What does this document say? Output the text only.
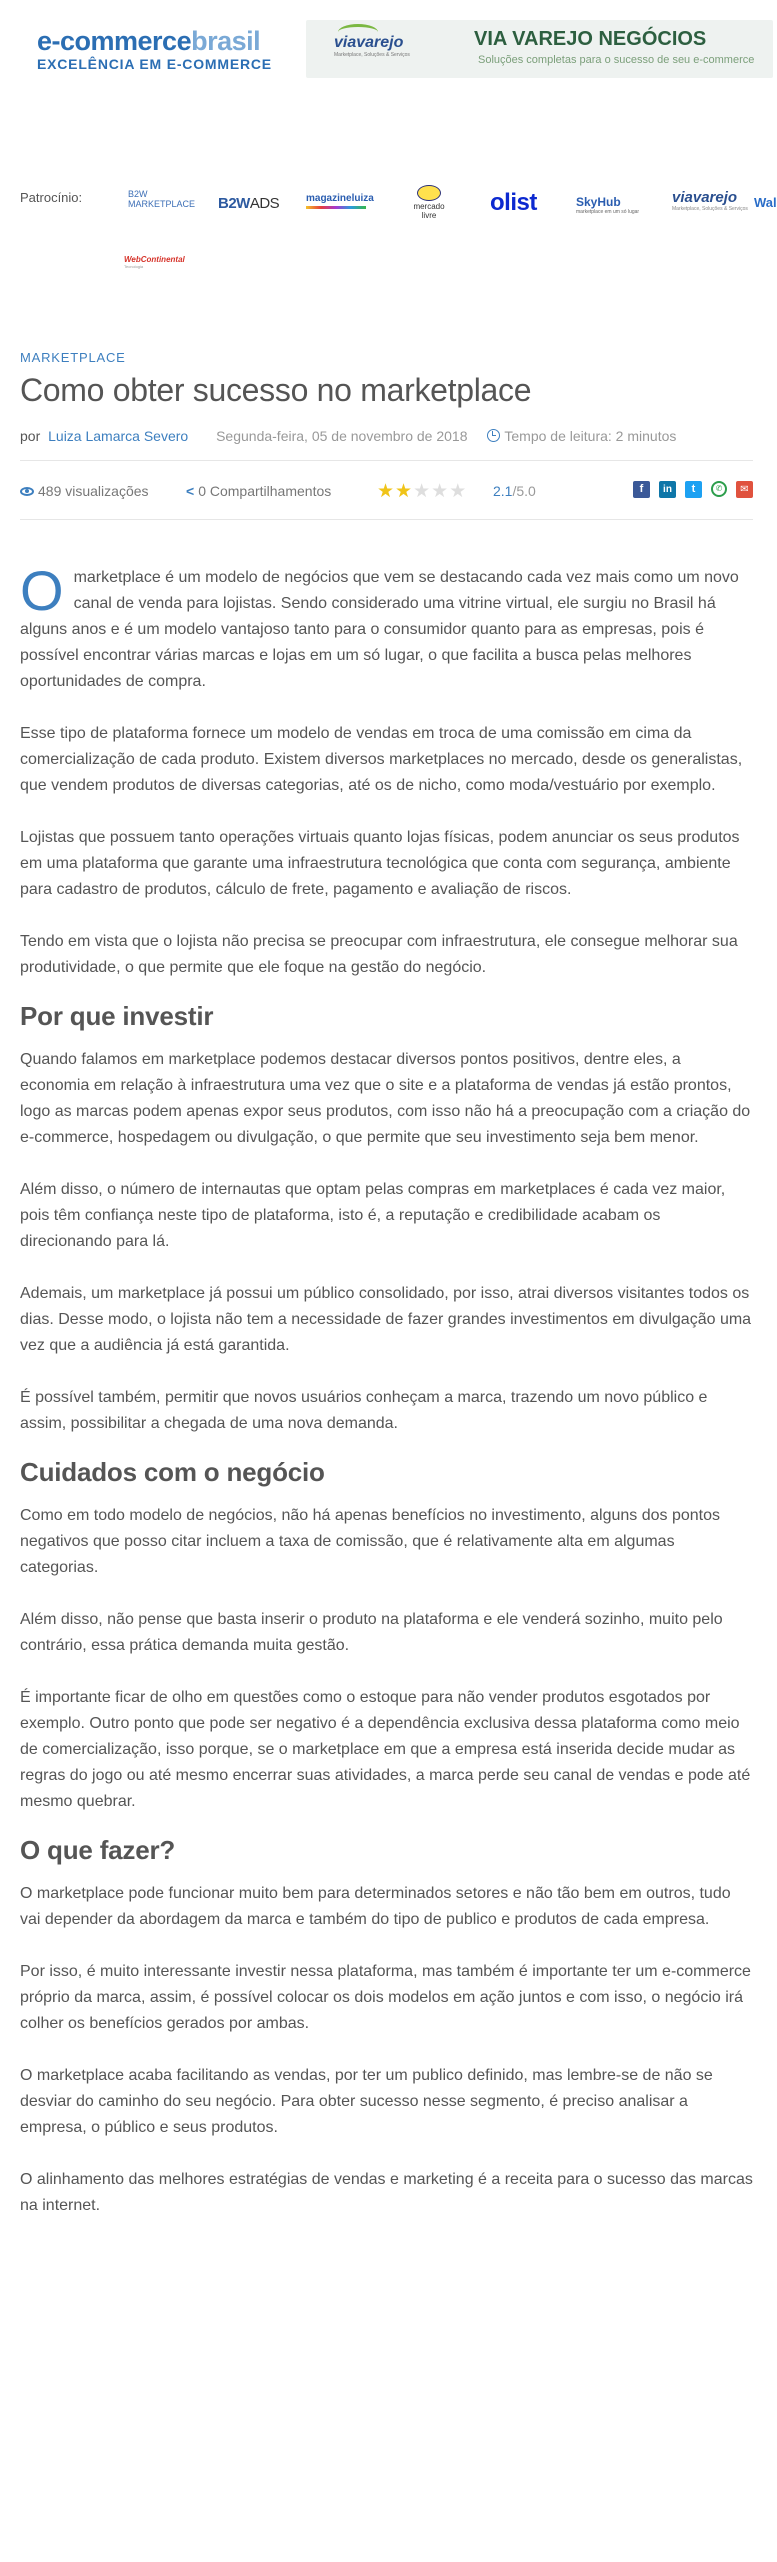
e-commercebrasil
EXCELÊNCIA EM E-COMMERCE
viavarejo
Marketplace, Soluções & Serviços
VIA VAREJO NEGÓCIOS
Soluções completas para o sucesso de seu e-commerce
Patrocínio:	B2W
MARKETPLACE B2WADS	magazineluiza
mercado
livre	olist	SkyHub
marketplace em um só lugar
viavarejo
Marketplace, Soluções & Serviços Wal
WebContinental
Tecnologia
MARKETPLACE
Como obter sucesso no marketplace
por Luiza Lamarca Severo Segunda-feira, 05 de novembro de 2018	Tempo de leitura: 2 minutos
489 visualizações	< 0 Compartilhamentos ★★★★★ 2.1/5.0	f in t	✆ ✉

Omarketplace é um modelo de negócios que vem se destacando cada vez mais como um novo canal de venda para lojistas. Sendo considerado uma vitrine virtual, ele surgiu no Brasil há alguns anos e é um modelo vantajoso tanto para o consumidor quanto para as empresas, pois é possível encontrar várias marcas e lojas em um só lugar, o que facilita a busca pelas melhores oportunidades de compra.

Esse tipo de plataforma fornece um modelo de vendas em troca de uma comissão em cima da comercialização de cada produto. Existem diversos marketplaces no mercado, desde os generalistas, que vendem produtos de diversas categorias, até os de nicho, como moda/vestuário por exemplo.

Lojistas que possuem tanto operações virtuais quanto lojas físicas, podem anunciar os seus produtos em uma plataforma que garante uma infraestrutura tecnológica que conta com segurança, ambiente para cadastro de produtos, cálculo de frete, pagamento e avaliação de riscos.

Tendo em vista que o lojista não precisa se preocupar com infraestrutura, ele consegue melhorar sua produtividade, o que permite que ele foque na gestão do negócio.

Por que investir

Quando falamos em marketplace podemos destacar diversos pontos positivos, dentre eles, a economia em relação à infraestrutura uma vez que o site e a plataforma de vendas já estão prontos, logo as marcas podem apenas expor seus produtos, com isso não há a preocupação com a criação do e-commerce, hospedagem ou divulgação, o que permite que seu investimento seja bem menor.

Além disso, o número de internautas que optam pelas compras em marketplaces é cada vez maior, pois têm confiança neste tipo de plataforma, isto é, a reputação e credibilidade acabam os direcionando para lá.

Ademais, um marketplace já possui um público consolidado, por isso, atrai diversos visitantes todos os dias. Desse modo, o lojista não tem a necessidade de fazer grandes investimentos em divulgação uma vez que a audiência já está garantida.

É possível também, permitir que novos usuários conheçam a marca, trazendo um novo público e assim, possibilitar a chegada de uma nova demanda.

Cuidados com o negócio

Como em todo modelo de negócios, não há apenas benefícios no investimento, alguns dos pontos negativos que posso citar incluem a taxa de comissão, que é relativamente alta em algumas categorias.

Além disso, não pense que basta inserir o produto na plataforma e ele venderá sozinho, muito pelo contrário, essa prática demanda muita gestão.

É importante ficar de olho em questões como o estoque para não vender produtos esgotados por exemplo. Outro ponto que pode ser negativo é a dependência exclusiva dessa plataforma como meio de comercialização, isso porque, se o marketplace em que a empresa está inserida decide mudar as regras do jogo ou até mesmo encerrar suas atividades, a marca perde seu canal de vendas e pode até mesmo quebrar.

O que fazer?

O marketplace pode funcionar muito bem para determinados setores e não tão bem em outros, tudo vai depender da abordagem da marca e também do tipo de publico e produtos de cada empresa.

Por isso, é muito interessante investir nessa plataforma, mas também é importante ter um e-commerce próprio da marca, assim, é possível colocar os dois modelos em ação juntos e com isso, o negócio irá colher os benefícios gerados por ambas.

O marketplace acaba facilitando as vendas, por ter um publico definido, mas lembre-se de não se desviar do caminho do seu negócio. Para obter sucesso nesse segmento, é preciso analisar a empresa, o público e seus produtos.

O alinhamento das melhores estratégias de vendas e marketing é a receita para o sucesso das marcas na internet.
